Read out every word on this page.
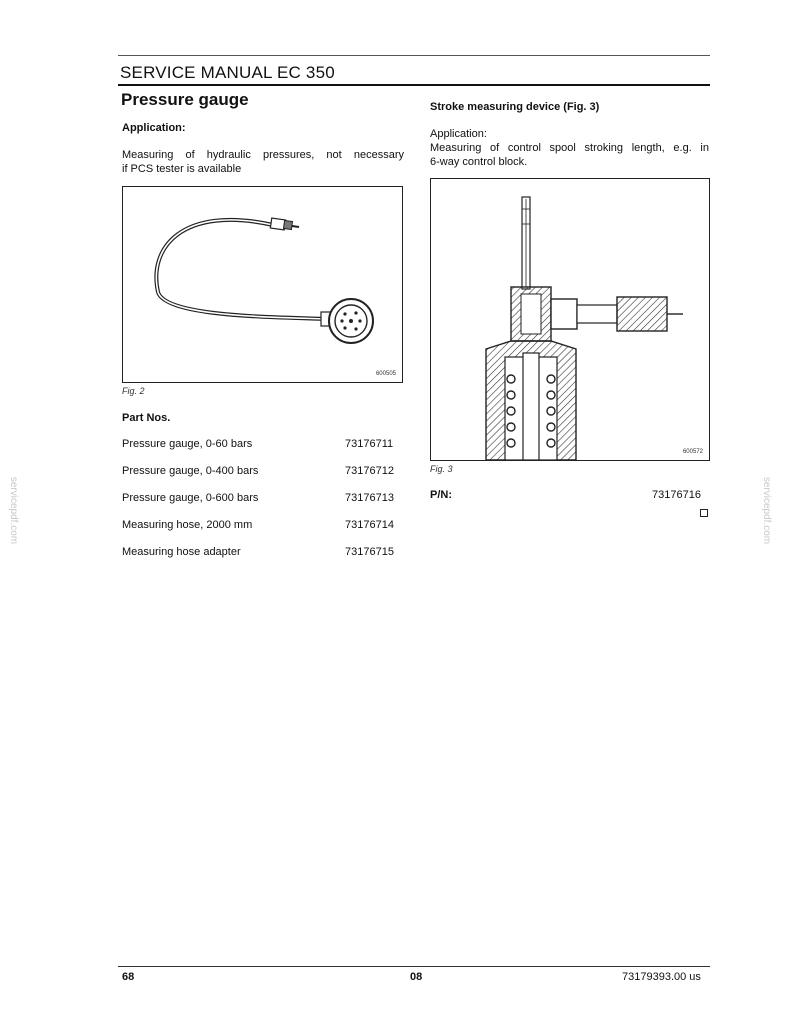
SERVICE MANUAL EC 350
Pressure gauge
Application:
Measuring of hydraulic pressures, not necessary
if PCS tester is available
600505
Fig. 2
Part Nos.
Pressure gauge, 0-60 bars	73176711
Pressure gauge, 0-400 bars	73176712
Pressure gauge, 0-600 bars	73176713
Measuring hose, 2000 mm	73176714
Measuring hose adapter	73176715
Stroke measuring device (Fig. 3)
Application:
Measuring of control spool stroking length, e.g. in
6-way control block.
600572
Fig. 3
P/N:	73176716
servicepdf.com	servicepdf.com
68	08	73179393.00 us
